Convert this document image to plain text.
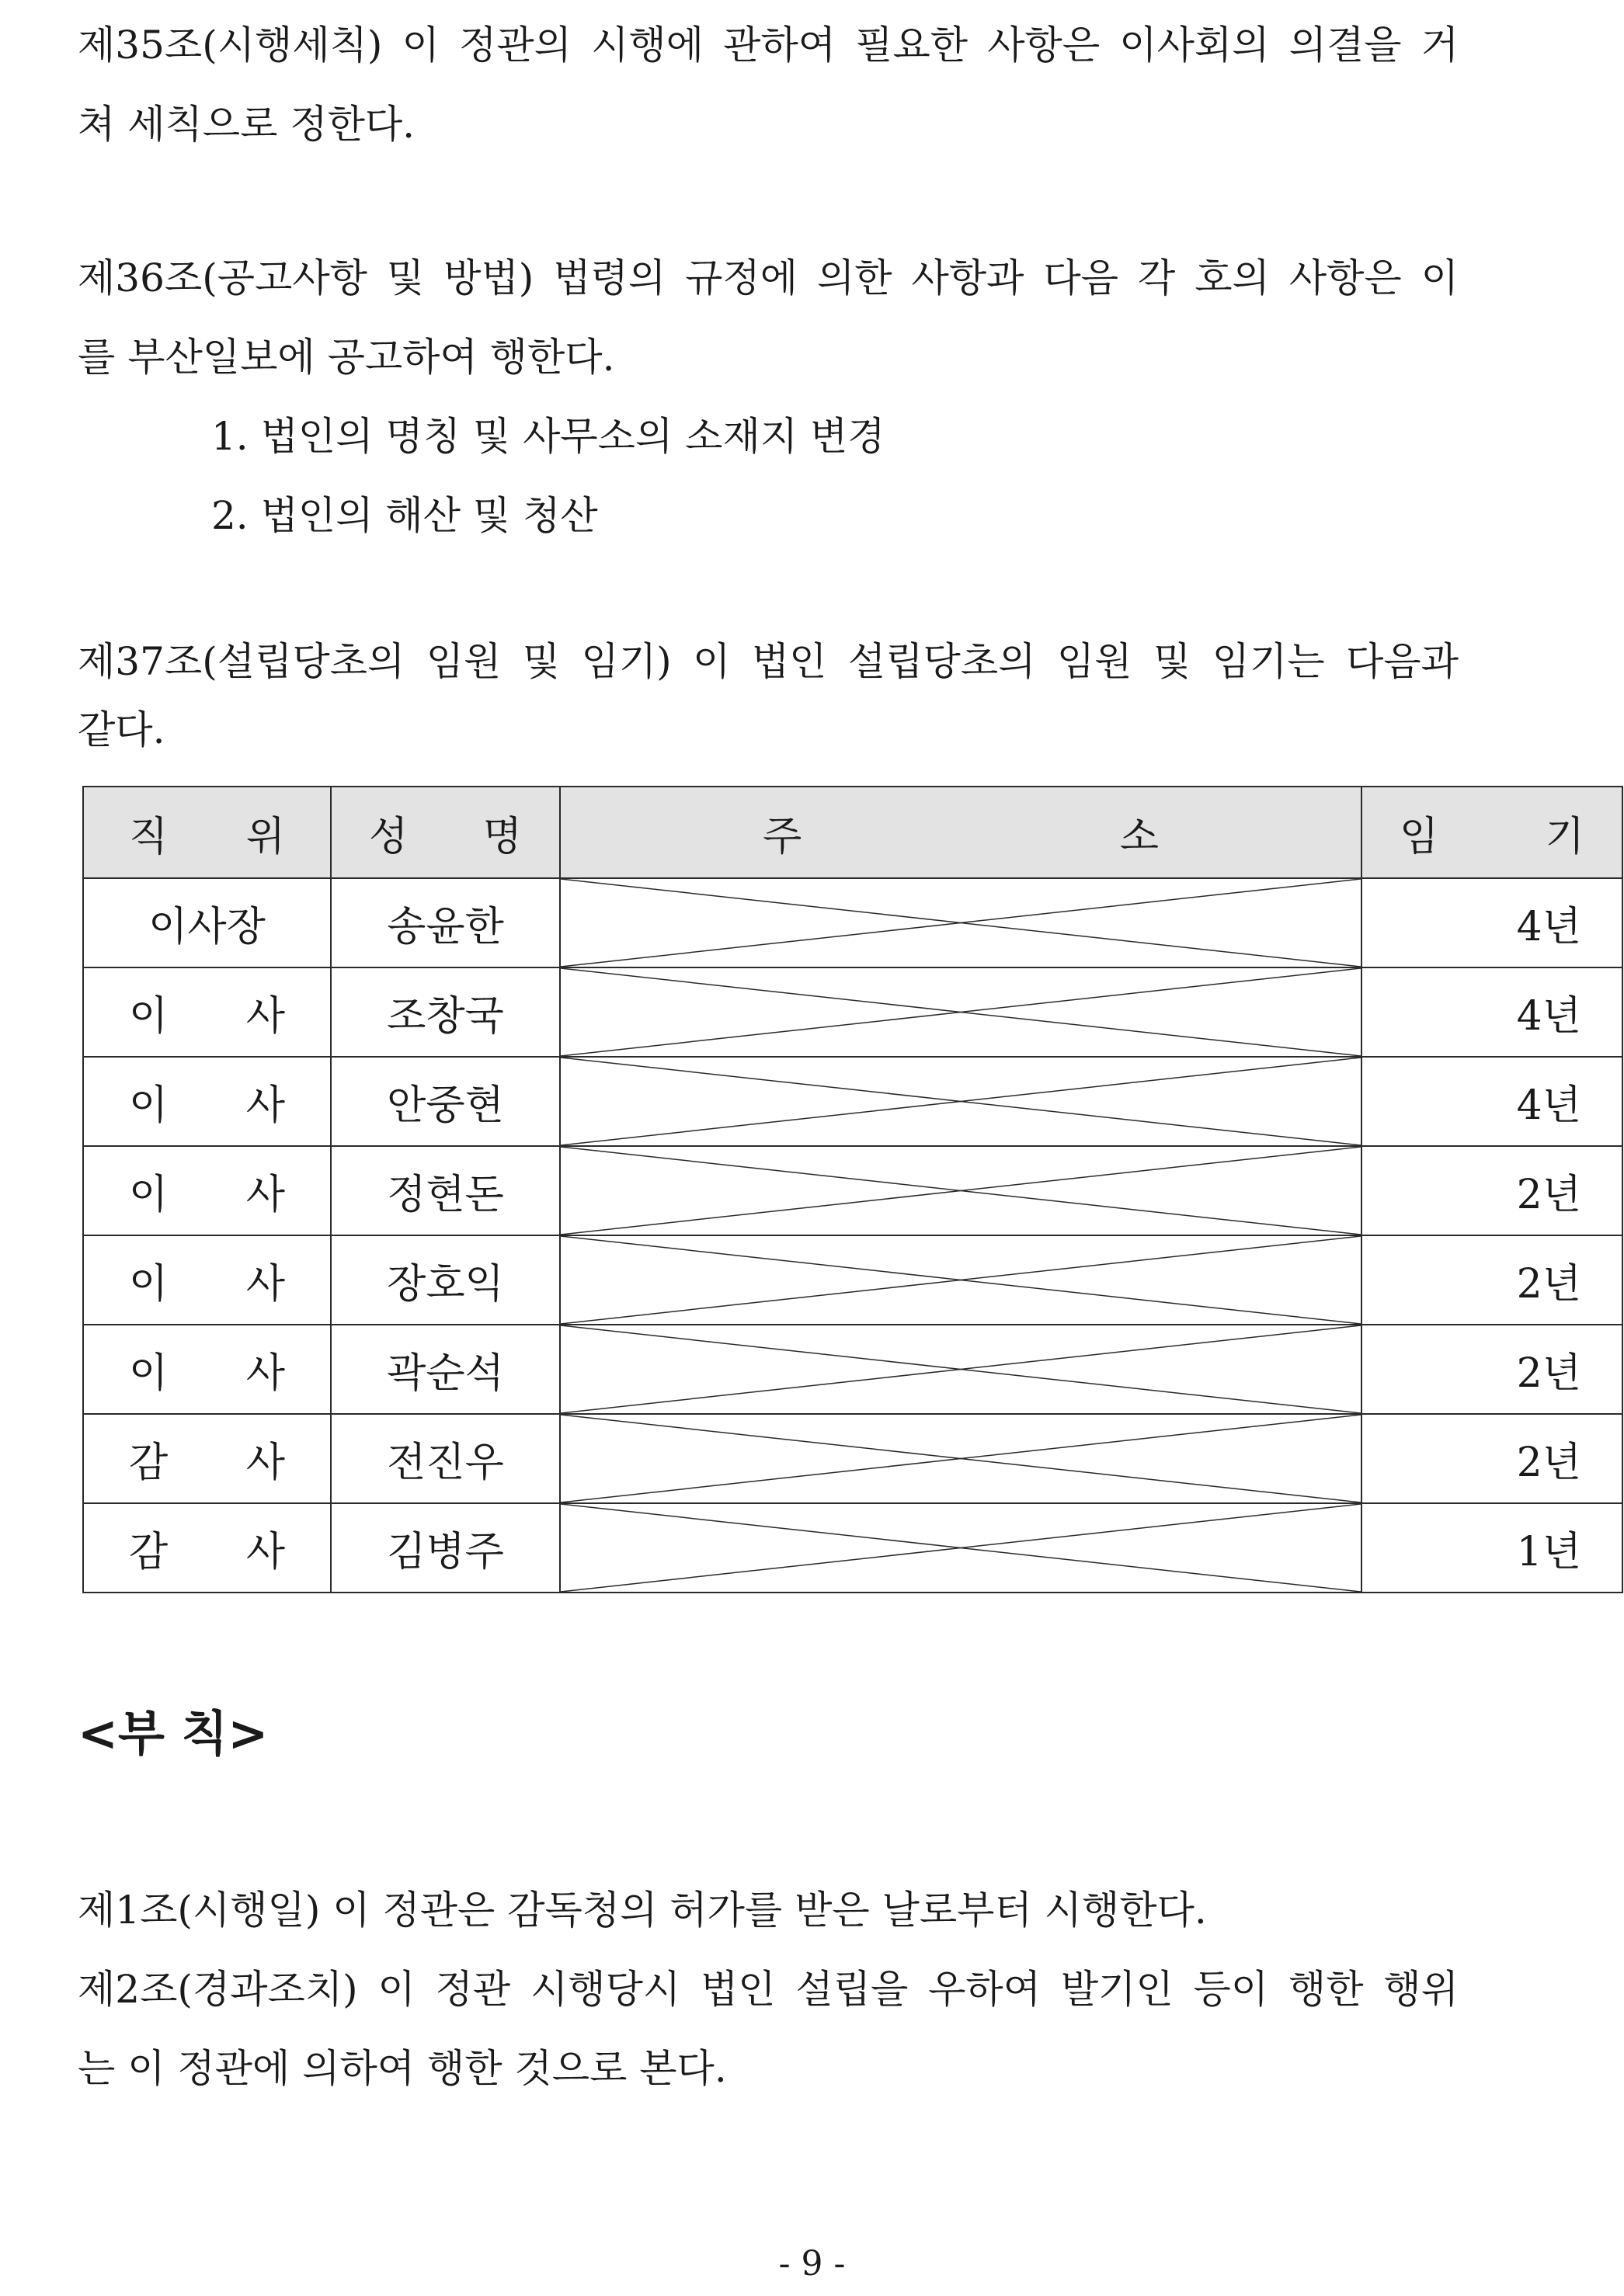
제35조(시행세칙) 이 정관의 시행에 관하여 필요한 사항은 이사회의 의결을 거
쳐 세칙으로 정한다.
제36조(공고사항 및 방법) 법령의 규정에 의한 사항과 다음 각 호의 사항은 이
를 부산일보에 공고하여 행한다.
1. 법인의 명칭 및 사무소의 소재지 변경
2. 법인의 해산 및 청산
제37조(설립당초의 임원 및 임기) 이 법인 설립당초의 임원 및 임기는 다음과
같다.
직 위	성 명	주 소	임 기

이사장	송윤한		4년

이 사	조창국		4년

이 사	안중현		4년

이 사	정현돈		2년

이 사	장호익		2년

이 사	곽순석		2년

감 사	전진우		2년

감 사	김병주		1년
<부 칙>
제1조(시행일) 이 정관은 감독청의 허가를 받은 날로부터 시행한다.
제2조(경과조치) 이 정관 시행당시 법인 설립을 우하여 발기인 등이 행한 행위
는 이 정관에 의하여 행한 것으로 본다.
- 9 -
